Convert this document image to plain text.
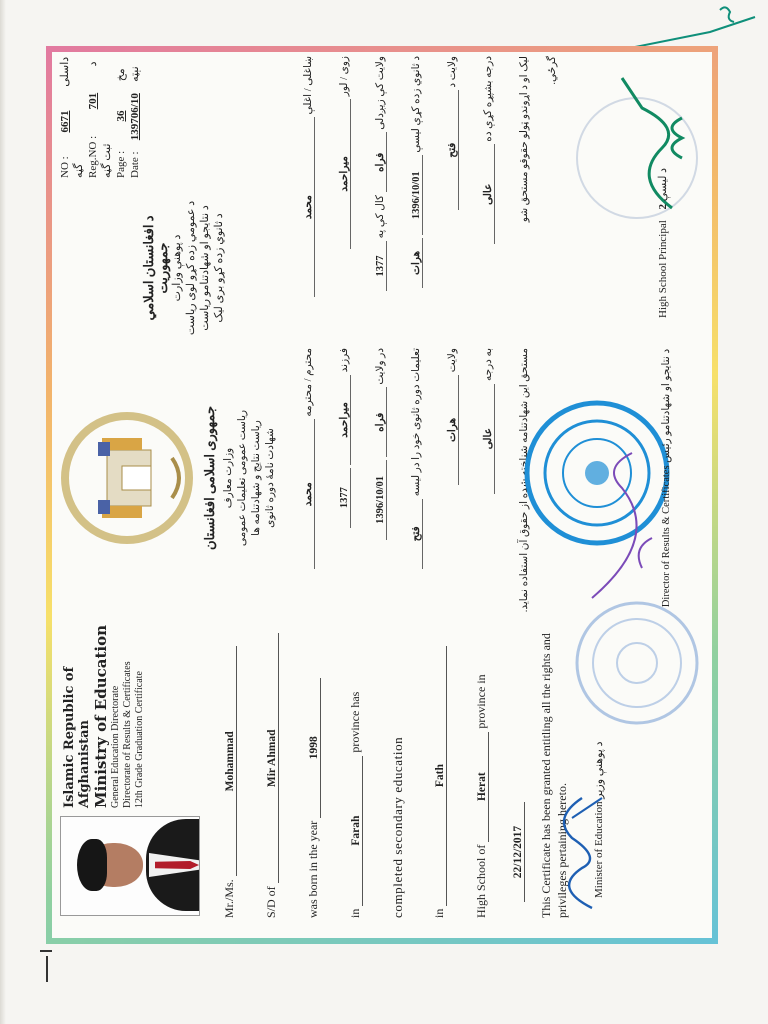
Islamic Republic of Afghanistan Ministry of Education General Education Directorate Directorate of Results & Certificates 12th Grade Graduation Certificate
Mr./Ms. Mohammad
S/D of Mir Ahmad
was born in the year 1998
in Farah province has
completed secondary education in Fath
High School of Herat province in
22/12/2017 This Certificate has been granted entitling all the rights and privileges pertaining hereto. Minister of Education د پوهنې وزیر
جمهوری اسلامی افغانستان وزارت معارف ریاست عمومی تعلیمات عمومی ریاست نتایج و شهادتنامه ها شهادت نامهٔ دوره ثانوی
محترم / محترمه محمد
فرزند میراحمد 1377
در ولایت فراه 1396/10/01
تعلیمات دوره ثانوی خود را در لیسه فتح
ولایت هرات
به درجه عالی مستحق این شهادتنامه شناخته شده از حقوق آن استفاده نماید.	Director of Results & Certificates د نتایجو او شهادتنامو رئیس
NO : 6671 داسلی گڼه Reg.NO : 701 د ثبت گڼه Page : 36 مخ
Date : 139706/10 نېټه
د افغانستان اسلامي جمهوريت د پوهنې وزارت د عمومي زده کړو لوی ریاست د نتایجو او شهادتنامو ریاست د ثانوي زده کړو بری لیک
ښاغلی / اغلې محمد
زوی / لور میراحمد
ولایت کې زیږدلی فراه کال کې په 1377
د ثانوي زده کړې لیسې 1396/10/01 هرات
ولایت د فتح
درجه بشپړه کړې ده عالی لیک او د اړوندو ټولو حقوقو مستحق شو گرځي.
High School Principal د لیسې 2
